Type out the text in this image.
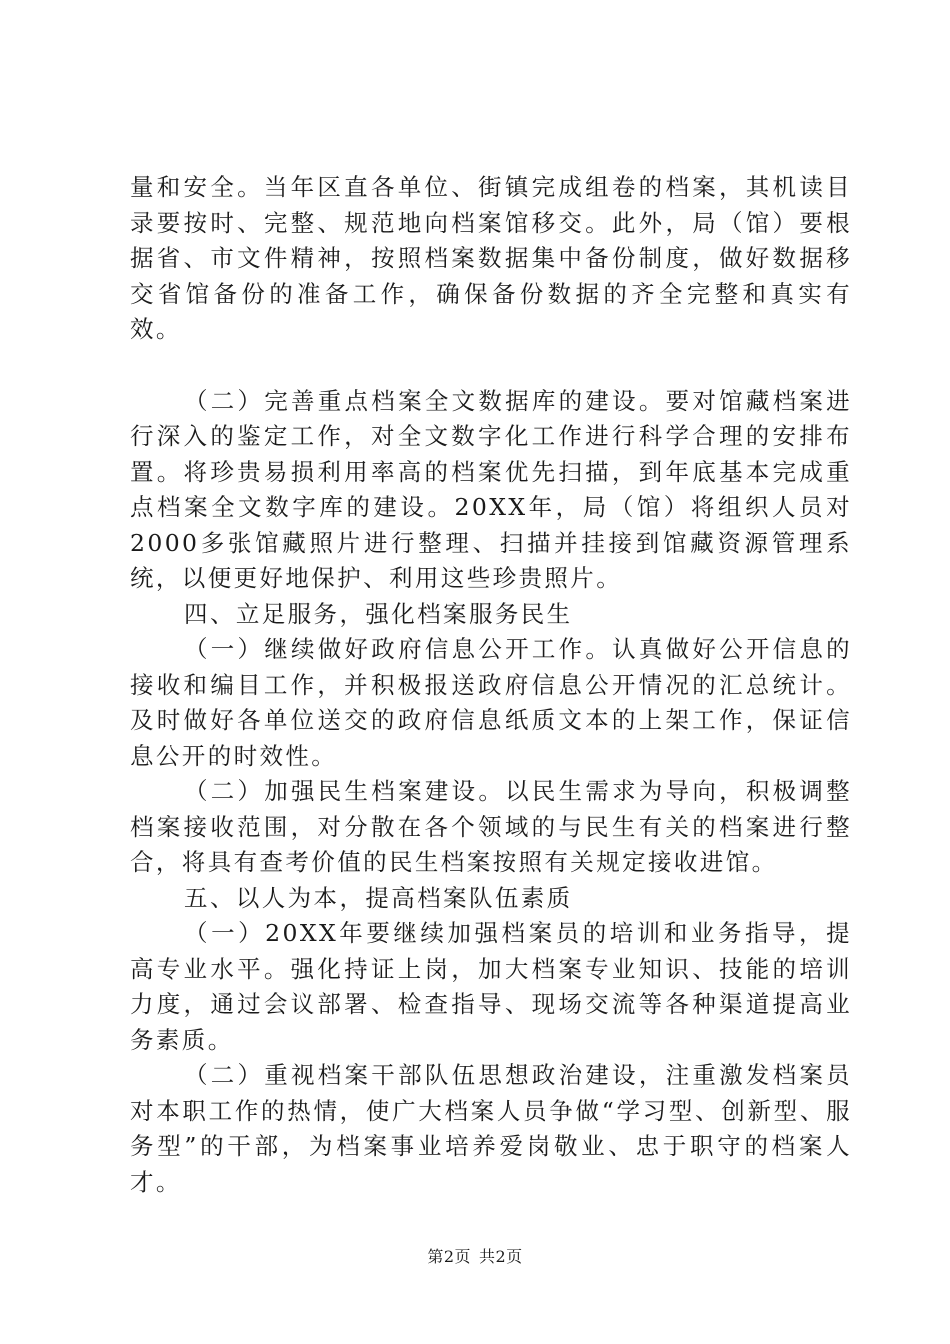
量和安全。当年区直各单位、街镇完成组卷的档案，其机读目录要按时、完整、规范地向档案馆移交。此外，局（馆）要根据省、市文件精神，按照档案数据集中备份制度，做好数据移交省馆备份的准备工作，确保备份数据的齐全完整和真实有效。

（二）完善重点档案全文数据库的建设。要对馆藏档案进行深入的鉴定工作，对全文数字化工作进行科学合理的安排布置。将珍贵易损利用率高的档案优先扫描，到年底基本完成重点档案全文数字库的建设。20XX年，局（馆）将组织人员对2000多张馆藏照片进行整理、扫描并挂接到馆藏资源管理系统，以便更好地保护、利用这些珍贵照片。

四、立足服务，强化档案服务民生

（一）继续做好政府信息公开工作。认真做好公开信息的接收和编目工作，并积极报送政府信息公开情况的汇总统计。及时做好各单位送交的政府信息纸质文本的上架工作，保证信息公开的时效性。

（二）加强民生档案建设。以民生需求为导向，积极调整档案接收范围，对分散在各个领域的与民生有关的档案进行整合，将具有查考价值的民生档案按照有关规定接收进馆。

五、以人为本，提高档案队伍素质

（一）20XX年要继续加强档案员的培训和业务指导，提高专业水平。强化持证上岗，加大档案专业知识、技能的培训力度，通过会议部署、检查指导、现场交流等各种渠道提高业务素质。

（二）重视档案干部队伍思想政治建设，注重激发档案员对本职工作的热情，使广大档案人员争做“学习型、创新型、服务型”的干部，为档案事业培养爱岗敬业、忠于职守的档案人才。

第2页 共2页
